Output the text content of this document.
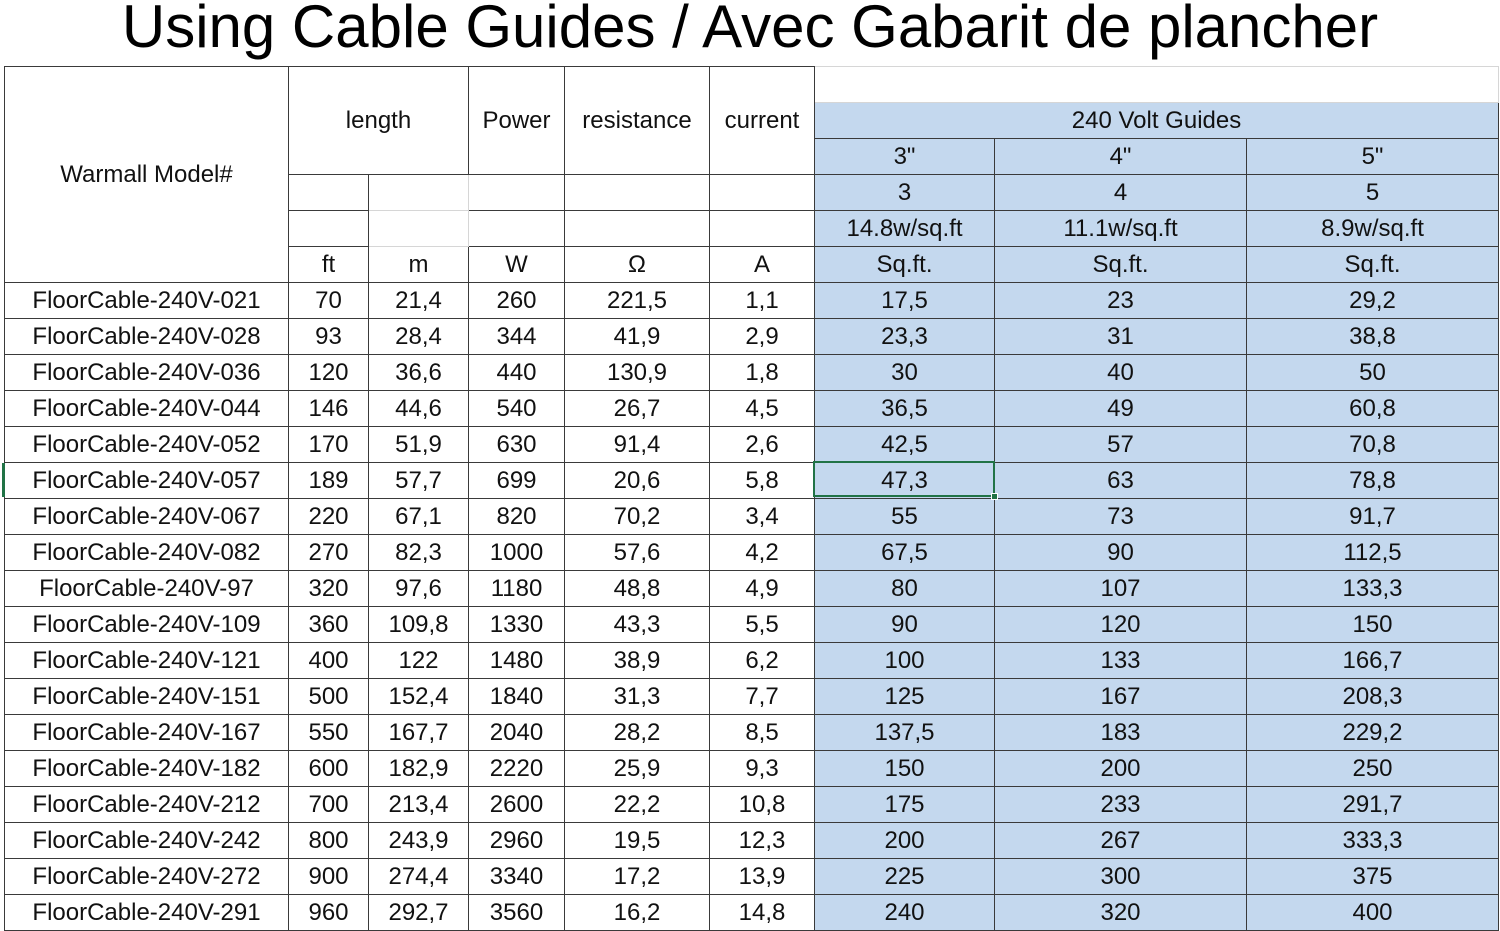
Using Cable Guides / Avec Gabarit de plancher
Warmall Model#	length		Power	resistance	current			
						240 Volt Guides		
						3"	4"	5"
						3	4	5
						14.8w/sq.ft	11.1w/sq.ft	8.9w/sq.ft
	ft	m	W	Ω	A	Sq.ft.	Sq.ft.	Sq.ft.
FloorCable-240V-021	70	21,4	260	221,5	1,1	17,5	23	29,2
FloorCable-240V-028	93	28,4	344	41,9	2,9	23,3	31	38,8
FloorCable-240V-036	120	36,6	440	130,9	1,8	30	40	50
FloorCable-240V-044	146	44,6	540	26,7	4,5	36,5	49	60,8
FloorCable-240V-052	170	51,9	630	91,4	2,6	42,5	57	70,8
FloorCable-240V-057	189	57,7	699	20,6	5,8	47,3	63	78,8
FloorCable-240V-067	220	67,1	820	70,2	3,4	55	73	91,7
FloorCable-240V-082	270	82,3	1000	57,6	4,2	67,5	90	112,5
FloorCable-240V-97	320	97,6	1180	48,8	4,9	80	107	133,3
FloorCable-240V-109	360	109,8	1330	43,3	5,5	90	120	150
FloorCable-240V-121	400	122	1480	38,9	6,2	100	133	166,7
FloorCable-240V-151	500	152,4	1840	31,3	7,7	125	167	208,3
FloorCable-240V-167	550	167,7	2040	28,2	8,5	137,5	183	229,2
FloorCable-240V-182	600	182,9	2220	25,9	9,3	150	200	250
FloorCable-240V-212	700	213,4	2600	22,2	10,8	175	233	291,7
FloorCable-240V-242	800	243,9	2960	19,5	12,3	200	267	333,3
FloorCable-240V-272	900	274,4	3340	17,2	13,9	225	300	375
FloorCable-240V-291	960	292,7	3560	16,2	14,8	240	320	400
